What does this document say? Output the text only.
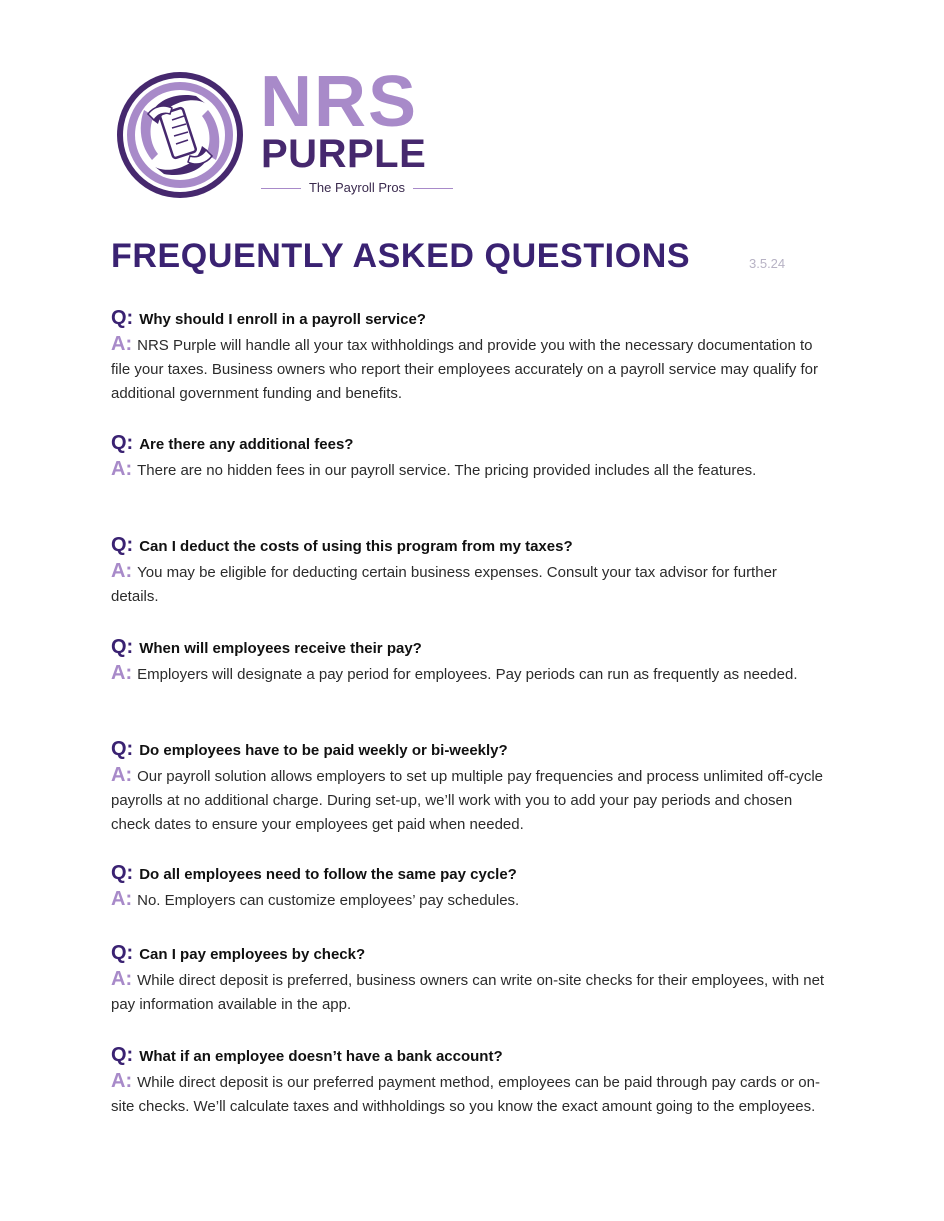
NRS
PURPLE
The Payroll Pros
FREQUENTLY ASKED QUESTIONS	3.5.24
Q: Why should I enroll in a payroll service?

A: NRS Purple will handle all your tax withholdings and provide you with the necessary documentation to file your taxes. Business owners who report their employees accurately on a payroll service may qualify for additional government funding and benefits.

Q: Are there any additional fees?

A: There are no hidden fees in our payroll service. The pricing provided includes all the features.

Q: Can I deduct the costs of using this program from my taxes?

A: You may be eligible for deducting certain business expenses. Consult your tax advisor for further details.

Q: When will employees receive their pay?

A: Employers will designate a pay period for employees. Pay periods can run as frequently as needed.

Q: Do employees have to be paid weekly or bi-weekly?

A: Our payroll solution allows employers to set up multiple pay frequencies and process unlimited off-cycle payrolls at no additional charge. During set-up, we’ll work with you to add your pay periods and chosen check dates to ensure your employees get paid when needed.

Q: Do all employees need to follow the same pay cycle?

A: No. Employers can customize employees’ pay schedules.

Q: Can I pay employees by check?

A: While direct deposit is preferred, business owners can write on-site checks for their employees, with net pay information available in the app.

Q: What if an employee doesn’t have a bank account?

A: While direct deposit is our preferred payment method, employees can be paid through pay cards or on-site checks. We’ll calculate taxes and withholdings so you know the exact amount going to the employees.
